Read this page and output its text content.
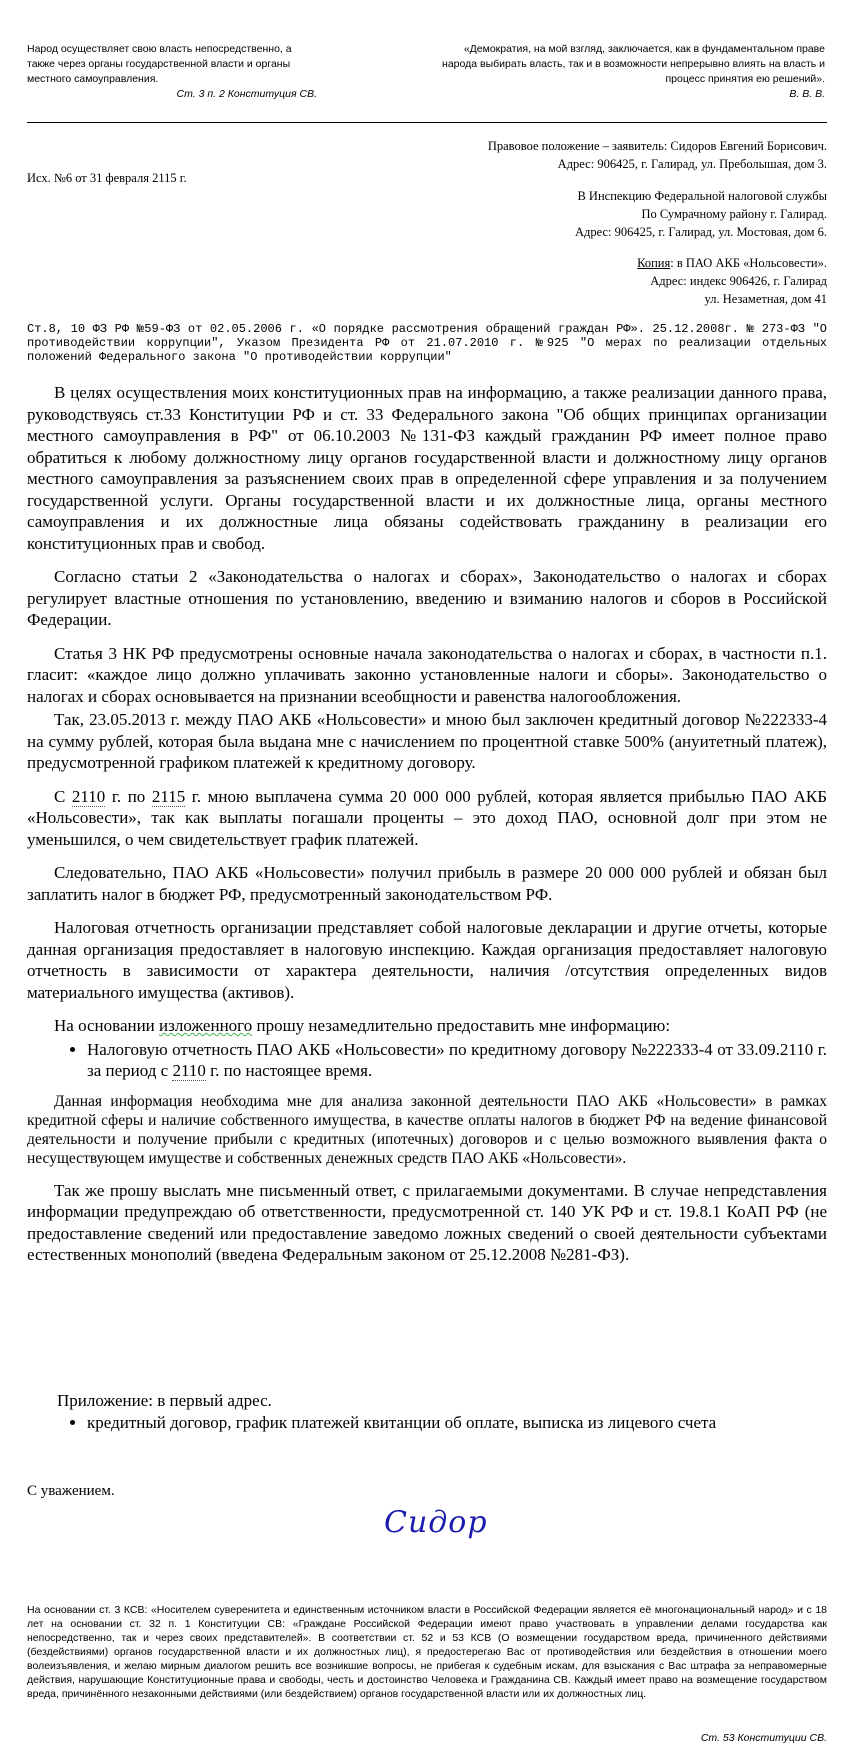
Народ осуществляет свою власть непосредственно, а также через органы государственной власти и органы местного самоуправления.
Ст. 3 п. 2 Конституция СВ.
«Демократия, на мой взгляд, заключается, как в фундаментальном праве народа выбирать власть, так и в возможности непрерывно влиять на власть и процесс принятия ею решений».
В. В. В.
Правовое положение – заявитель: Сидоров Евгений Борисович.
Адрес: 906425, г. Галирад, ул. Преболышая, дом 3.
Исх. №6 от 31 февраля 2115 г.
В Инспекцию Федеральной налоговой службы
По Сумрачному району г. Галирад.
Адрес: 906425, г. Галирад, ул. Мостовая, дом 6.
Копия: в ПАО АКБ «Нольсовести».
Адрес: индекс 906426, г. Галирад
ул. Незаметная, дом 41
Ст.8, 10 ФЗ РФ №59-ФЗ от 02.05.2006 г. «О порядке рассмотрения обращений граждан РФ». 25.12.2008г. № 273-ФЗ "О противодействии коррупции", Указом Президента РФ от 21.07.2010 г. №925 "О мерах по реализации отдельных положений Федерального закона "О противодействии коррупции"

В целях осуществления моих конституционных прав на информацию, а также реализации данного права, руководствуясь ст.33 Конституции РФ и ст. 33 Федерального закона "Об общих принципах организации местного самоуправления в РФ" от 06.10.2003 №131-ФЗ каждый гражданин РФ имеет полное право обратиться к любому должностному лицу органов государственной власти и должностному лицу органов местного самоуправления за разъяснением своих прав в определенной сфере управления и за получением государственной услуги. Органы государственной власти и их должностные лица, органы местного самоуправления и их должностные лица обязаны содействовать гражданину в реализации его конституционных прав и свобод.

Согласно статьи 2 «Законодательства о налогах и сборах», Законодательство о налогах и сборах регулирует властные отношения по установлению, введению и взиманию налогов и сборов в Российской Федерации.

Статья 3 НК РФ предусмотрены основные начала законодательства о налогах и сборах, в частности п.1. гласит: «каждое лицо должно уплачивать законно установленные налоги и сборы». Законодательство о налогах и сборах основывается на признании всеобщности и равенства налогообложения.

Так, 23.05.2013 г. между ПАО АКБ «Нольсовести» и мною был заключен кредитный договор №222333-4 на сумму рублей, которая была выдана мне с начислением по процентной ставке 500% (ануитетный платеж), предусмотренной графиком платежей к кредитному договору.

С 2110 г. по 2115 г. мною выплачена сумма 20 000 000 рублей, которая является прибылью ПАО АКБ «Нольсовести», так как выплаты погашали проценты – это доход ПАО, основной долг при этом не уменьшился, о чем свидетельствует график платежей.

Следовательно, ПАО АКБ «Нольсовести» получил прибыль в размере 20 000 000 рублей и обязан был заплатить налог в бюджет РФ, предусмотренный законодательством РФ.

Налоговая отчетность организации представляет собой налоговые декларации и другие отчеты, которые данная организация предоставляет в налоговую инспекцию. Каждая организация предоставляет налоговую отчетность в зависимости от характера деятельности, наличия /отсутствия определенных видов материального имущества (активов).

На основании изложенного прошу незамедлительно предоставить мне информацию:

• Налоговую отчетность ПАО АКБ «Нольсовести» по кредитному договору №222333-4 от 33.09.2110 г. за период с 2110 г. по настоящее время.

Данная информация необходима мне для анализа законной деятельности ПАО АКБ «Нольсовести» в рамках кредитной сферы и наличие собственного имущества, в качестве оплаты налогов в бюджет РФ на ведение финансовой деятельности и получение прибыли с кредитных (ипотечных) договоров и с целью возможного выявления факта о несуществующем имуществе и собственных денежных средств ПАО АКБ «Нольсовести».

Так же прошу выслать мне письменный ответ, с прилагаемыми документами. В случае непредставления информации предупреждаю об ответственности, предусмотренной ст. 140 УК РФ и ст. 19.8.1 КоАП РФ (не предоставление сведений или предоставление заведомо ложных сведений о своей деятельности субъектами естественных монополий (введена Федеральным законом от 25.12.2008 №281-ФЗ).

Приложение: в первый адрес.
• кредитный договор, график платежей квитанции об оплате, выписка из лицевого счета
С уважением.
Сидор
На основании ст. 3 КСВ: «Носителем суверенитета и единственным источником власти в Российской Федерации является её многонациональный народ» и с 18 лет на основании ст. 32 п. 1 Конституции СВ: «Граждане Российской Федерации имеют право участвовать в управлении делами государства как непосредственно, так и через своих представителей». В соответствии ст. 52 и 53 КСВ (О возмещении государством вреда, причиненного действиями (бездействиями) органов государственной власти и их должностных лиц), я предостерегаю Вас от противодействия или бездействия в отношении моего волеизъявления, и желаю мирным диалогом решить все возникшие вопросы, не прибегая к судебным искам, для взыскания с Вас штрафа за неправомерные действия, нарушающие Конституционные права и свободы, честь и достоинство Человека и Гражданина СВ. Каждый имеет право на возмещение государством вреда, причинённого незаконными действиями (или бездействием) органов государственной власти или их должностных лиц.
Ст. 53 Конституции СВ.
